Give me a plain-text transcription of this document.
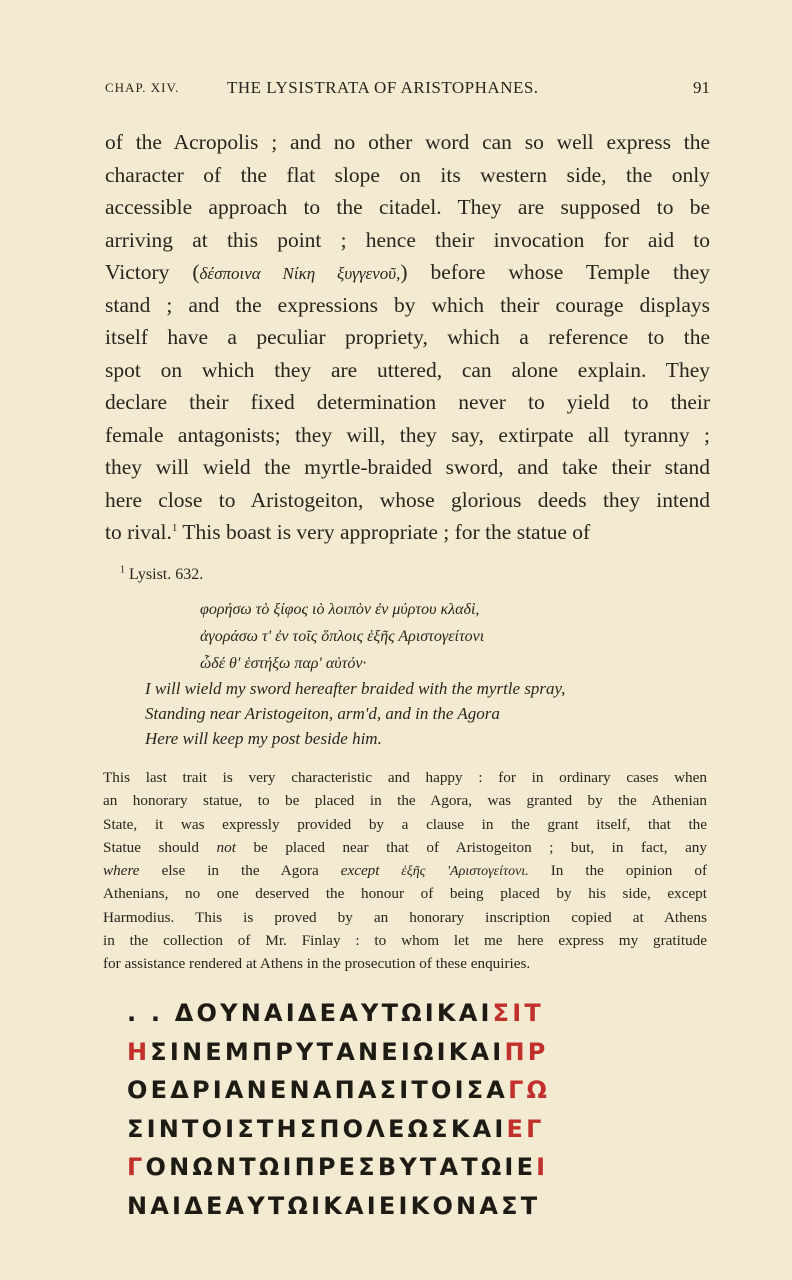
CHAP. XIV.	THE LYSISTRATA OF ARISTOPHANES.	91
of the Acropolis ; and no other word can so well express the
character of the flat slope on its western side, the only
accessible approach to the citadel. They are supposed to be
arriving at this point ; hence their invocation for aid to
Victory (δέσποινα Νίκη ξυγγενοῦ,) before whose Temple they
stand ; and the expressions by which their courage displays
itself have a peculiar propriety, which a reference to the
spot on which they are uttered, can alone explain. They
declare their fixed determination never to yield to their
female antagonists; they will, they say, extirpate all tyranny ;
they will wield the myrtle-braided sword, and take their stand
here close to Aristogeiton, whose glorious deeds they intend
to rival.$^1$ This boast is very appropriate ; for the statue of
$^1$ Lysist. 632.
φορήσω τὸ ξίφος ιὸ λοιπὸν ἐν μύρτου κλαδὶ,
ἀγοράσω τ' ἐν τοῖς ὅπλοις ἑξῆς Αριστογείτονι
ὧδέ θ' ἑστήξω παρ' αὐτόν·
I will wield my sword hereafter braided with the myrtle spray,
Standing near Aristogeiton, arm'd, and in the Agora
Here will keep my post beside him.
This last trait is very characteristic and happy : for in ordinary cases when
an honorary statue, to be placed in the Agora, was granted by the Athenian
State, it was expressly provided by a clause in the grant itself, that the
Statue should not be placed near that of Aristogeiton ; but, in fact, any
where else in the Agora except ἑξῆς 'Αριστογείτονι. In the opinion of
Athenians, no one deserved the honour of being placed by his side, except
Harmodius. This is proved by an honorary inscription copied at Athens
in the collection of Mr. Finlay : to whom let me here express my gratitude
for assistance rendered at Athens in the prosecution of these enquiries.
. . ΔΟΥΝΑΙΔΕΑΥΤΩΙΚΑΙΣΙΤ
ΗΣΙΝΕΜΠΡΥΤΑΝΕΙΩΙΚΑΙΠΡ
ΟΕΔΡΙΑΝΕΝΑΠΑΣΙΤΟΙΣΑΓΩ
ΣΙΝΤΟΙΣΤΗΣΠΟΛΕΩΣΚΑΙΕΓ
ΓΟΝΩΝΤΩΙΠΡΕΣΒΥΤΑΤΩΙΕΙ
ΝΑΙΔΕΑΥΤΩΙΚΑΙΕΙΚΟΝΑΣΤ
